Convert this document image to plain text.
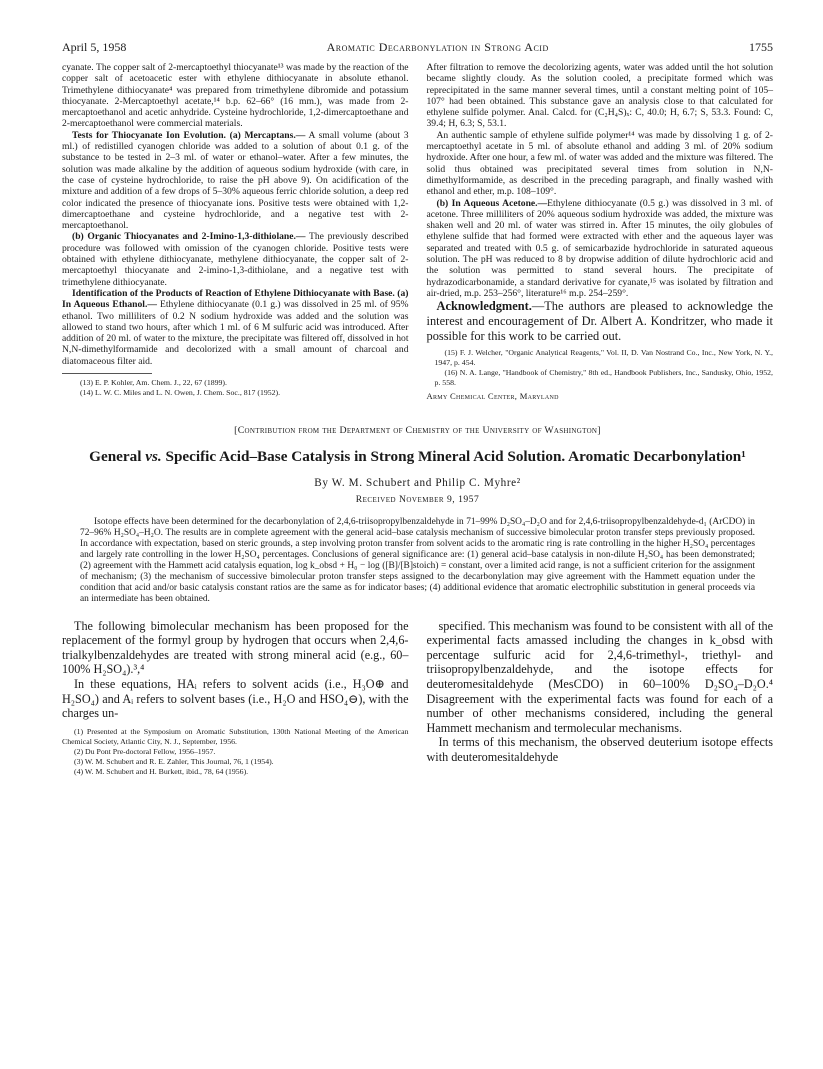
April 5, 1958	Aromatic Decarbonylation in Strong Acid	1755

cyanate. The copper salt of 2-mercaptoethyl thiocyanate¹³ was made by the reaction of the copper salt of acetoacetic ester with ethylene dithiocyanate in absolute ethanol. Trimethylene dithiocyanate⁴ was prepared from trimethylene dibromide and potassium thiocyanate. 2-Mercaptoethyl acetate,¹⁴ b.p. 62–66° (16 mm.), was made from 2-mercaptoethanol and acetic anhydride. Cysteine hydrochloride, 1,2-dimercaptoethane and 2-mercaptoethanol were commercial materials.

Tests for Thiocyanate Ion Evolution. (a) Mercaptans.— A small volume (about 3 ml.) of redistilled cyanogen chloride was added to a solution of about 0.1 g. of the substance to be tested in 2–3 ml. of water or ethanol–water. After a few minutes, the solution was made alkaline by the addition of aqueous sodium hydroxide (with care, in the case of cysteine hydrochloride, to raise the pH above 9). On acidification of the mixture and addition of a few drops of 5–30% aqueous ferric chloride solution, a deep red color indicated the presence of thiocyanate ions. Positive tests were obtained with 1,2-dimercaptoethane and cysteine hydrochloride, and a negative test with 2-mercaptoethanol.

(b) Organic Thiocyanates and 2-Imino-1,3-dithiolane.— The previously described procedure was followed with omission of the cyanogen chloride. Positive tests were obtained with ethylene dithiocyanate, methylene dithiocyanate, the copper salt of 2-mercaptoethyl thiocyanate and 2-imino-1,3-dithiolane, and a negative test with trimethylene dithiocyanate.

Identification of the Products of Reaction of Ethylene Dithiocyanate with Base. (a) In Aqueous Ethanol.— Ethylene dithiocyanate (0.1 g.) was dissolved in 25 ml. of 95% ethanol. Two milliliters of 0.2 N sodium hydroxide was added and the solution was allowed to stand two hours, after which 1 ml. of 6 M sulfuric acid was introduced. After addition of 20 ml. of water to the mixture, the precipitate was filtered off, dissolved in hot N,N-dimethylformamide and decolorized with a small amount of charcoal and diatomaceous filter aid.

(13) E. P. Kohler, Am. Chem. J., 22, 67 (1899).

(14) L. W. C. Miles and L. N. Owen, J. Chem. Soc., 817 (1952).

After filtration to remove the decolorizing agents, water was added until the hot solution became slightly cloudy. As the solution cooled, a precipitate formed which was reprecipitated in the same manner several times, until a constant melting point of 105–107° had been obtained. This substance gave an analysis close to that calculated for ethylene sulfide polymer. Anal. Calcd. for (C₂H₄S)ₓ: C, 40.0; H, 6.7; S, 53.3. Found: C, 39.4; H, 6.3; S, 53.1.

An authentic sample of ethylene sulfide polymer¹⁴ was made by dissolving 1 g. of 2-mercaptoethyl acetate in 5 ml. of absolute ethanol and adding 3 ml. of 20% sodium hydroxide. After one hour, a few ml. of water was added and the mixture was filtered. The solid thus obtained was precipitated several times from solution in N,N-dimethylformamide, as described in the preceding paragraph, and finally washed with ethanol and ether, m.p. 108–109°.

(b) In Aqueous Acetone.—Ethylene dithiocyanate (0.5 g.) was dissolved in 3 ml. of acetone. Three milliliters of 20% aqueous sodium hydroxide was added, the mixture was shaken well and 20 ml. of water was stirred in. After 15 minutes, the oily globules of ethylene sulfide that had formed were extracted with ether and the aqueous layer was separated and treated with 0.5 g. of semicarbazide hydrochloride in saturated aqueous solution. The pH was reduced to 8 by dropwise addition of dilute hydrochloric acid and the solution was permitted to stand several hours. The precipitate of hydrazodicarbonamide, a standard derivative for cyanate,¹⁵ was isolated by filtration and air-dried, m.p. 253–256°, literature¹⁶ m.p. 254–259°.

Acknowledgment.—The authors are pleased to acknowledge the interest and encouragement of Dr. Albert A. Kondritzer, who made it possible for this work to be carried out.

(15) F. J. Welcher, "Organic Analytical Reagents," Vol. II, D. Van Nostrand Co., Inc., New York, N. Y., 1947, p. 454.

(16) N. A. Lange, "Handbook of Chemistry," 8th ed., Handbook Publishers, Inc., Sandusky, Ohio, 1952, p. 558.

Army Chemical Center, Maryland
[Contribution from the Department of Chemistry of the University of Washington]
General vs. Specific Acid–Base Catalysis in Strong Mineral Acid Solution. Aromatic Decarbonylation¹
By W. M. Schubert and Philip C. Myhre²
Received November 9, 1957

Isotope effects have been determined for the decarbonylation of 2,4,6-triisopropylbenzaldehyde in 71–99% D₂SO₄–D₂O and for 2,4,6-triisopropylbenzaldehyde-d₁ (ArCDO) in 72–96% H₂SO₄–H₂O. The results are in complete agreement with the general acid–base catalysis mechanism of successive bimolecular proton transfer steps previously proposed. In accordance with expectation, based on steric grounds, a step involving proton transfer from solvent acids to the aromatic ring is rate controlling in the higher H₂SO₄ percentages and largely rate controlling in the lower H₂SO₄ percentages. Conclusions of general significance are: (1) general acid–base catalysis in non-dilute H₂SO₄ has been demonstrated; (2) agreement with the Hammett acid catalysis equation, log k_obsd + H₀ − log ([B]/[B]stoich) = constant, over a limited acid range, is not a sufficient criterion for the assignment of mechanism; (3) the mechanism of successive bimolecular proton transfer steps assigned to the decarbonylation may give agreement with the Hammett equation under the condition that acid and/or basic catalysis constant ratios are the same as for indicator bases; (4) additional evidence that aromatic electrophilic substitution in general proceeds via an intermediate has been obtained.

The following bimolecular mechanism has been proposed for the replacement of the formyl group by hydrogen that occurs when 2,4,6-trialkylbenzaldehydes are treated with strong mineral acid (e.g., 60–100% H₂SO₄).³,⁴

In these equations, HAᵢ refers to solvent acids (i.e., H₃O⊕ and H₂SO₄) and Aᵢ refers to solvent bases (i.e., H₂O and HSO₄⊖), with the charges un-

(1) Presented at the Symposium on Aromatic Substitution, 130th National Meeting of the American Chemical Society, Atlantic City, N. J., September, 1956.

(2) Du Pont Pre-doctoral Fellow, 1956–1957.

(3) W. M. Schubert and R. E. Zahler, This Journal, 76, 1 (1954).

(4) W. M. Schubert and H. Burkett, ibid., 78, 64 (1956).

specified. This mechanism was found to be consistent with all of the experimental facts amassed including the changes in k_obsd with percentage sulfuric acid for 2,4,6-trimethyl-, triethyl- and triisopropylbenzaldehyde, and the isotope effects for deuteromesitaldehyde (MesCDO) in 60–100% D₂SO₄–D₂O.⁴ Disagreement with the experimental facts was found for each of a number of other mechanisms considered, including the general Hammett mechanism and termolecular mechanisms.

In terms of this mechanism, the observed deuterium isotope effects with deuteromesitaldehyde
